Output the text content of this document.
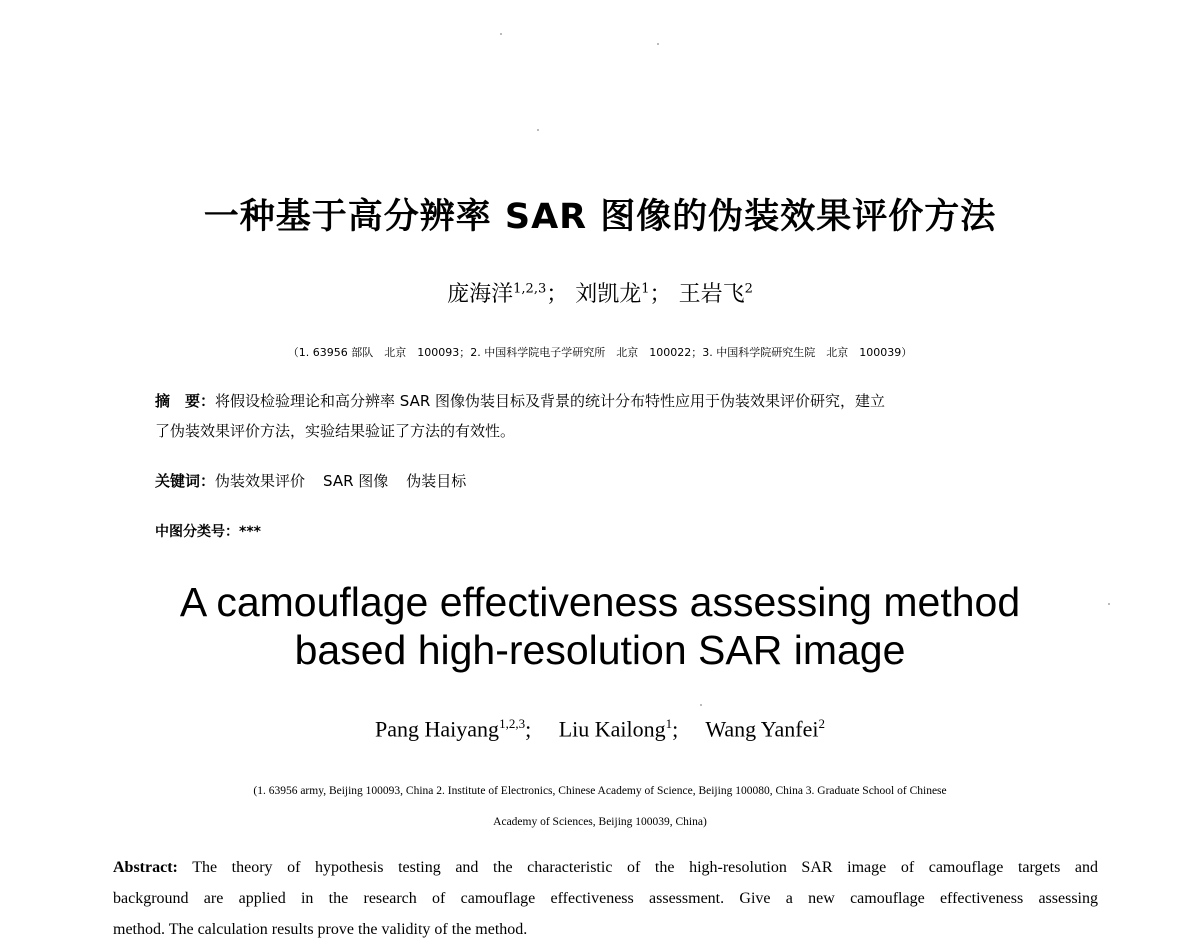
一种基于高分辨率 SAR 图像的伪装效果评价方法
庞海洋$^{1,2,3}$； 刘凯龙$^1$； 王岩飞$^2$
（1. 63956 部队　北京　100093；2. 中国科学院电子学研究所　北京　100022；3. 中国科学院研究生院　北京　100039）

摘　要：将假设检验理论和高分辨率 SAR 图像伪装目标及背景的统计分布特性应用于伪装效果评价研究，建立

了伪装效果评价方法，实验结果验证了方法的有效性。

关键词：伪装效果评价 SAR 图像 伪装目标
中图分类号：***
A camouflage effectiveness assessing method
based high-resolution SAR image
Pang Haiyang$^{1,2,3}$;     Liu Kailong$^1$;     Wang Yanfei$^2$
(1. 63956 army, Beijing 100093, China 2. Institute of Electronics, Chinese Academy of Science, Beijing 100080, China 3. Graduate School of Chinese
Academy of Sciences, Beijing 100039, China)
Abstract: The theory of hypothesis testing and the characteristic of the high-resolution SAR image of camouflage targets and
background are applied in the research of camouflage effectiveness assessment. Give a new camouflage effectiveness assessing
method. The calculation results prove the validity of the method.
